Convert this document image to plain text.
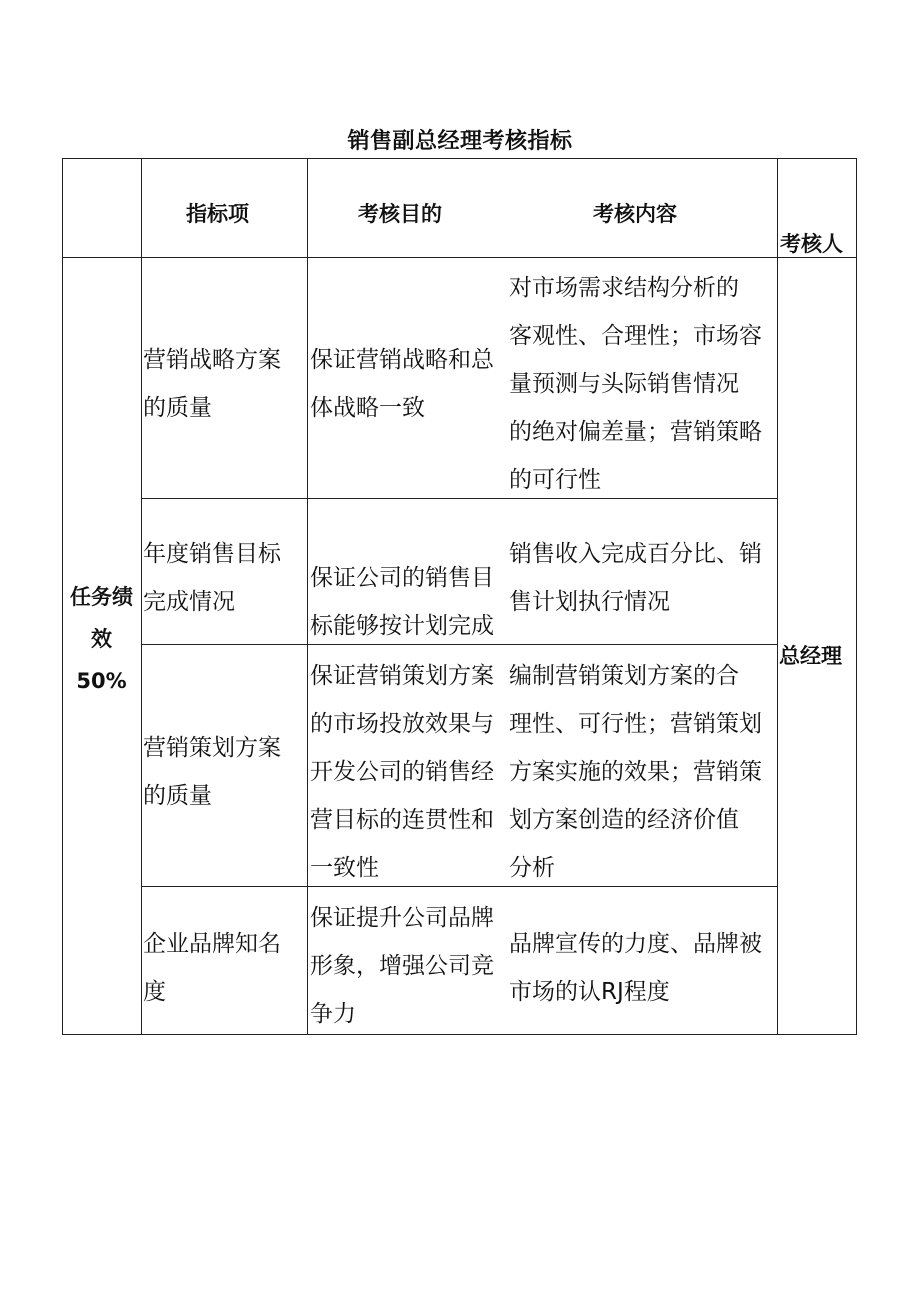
销售副总经理考核指标
指标项	考核目的	考核内容
考核人
任务绩
效
50%
总经理
营销战略方案
的质量
保证营销战略和总
体战略一致
对市场需求结构分析的
客观性、合理性；市场容
量预测与头际销售情况
的绝对偏差量；营销策略
的可行性
年度销售目标
完成情况
保证公司的销售目
标能够按计划完成
销售收入完成百分比、销
售计划执行情况
营销策划方案
的质量
保证营销策划方案
的市场投放效果与
开发公司的销售经
营目标的连贯性和
一致性
编制营销策划方案的合
理性、可行性；营销策划
方案实施的效果；营销策
划方案创造的经济价值
分析
企业品牌知名
度
保证提升公司品牌
形象，增强公司竞
争力
品牌宣传的力度、品牌被
市场的认RJ程度
